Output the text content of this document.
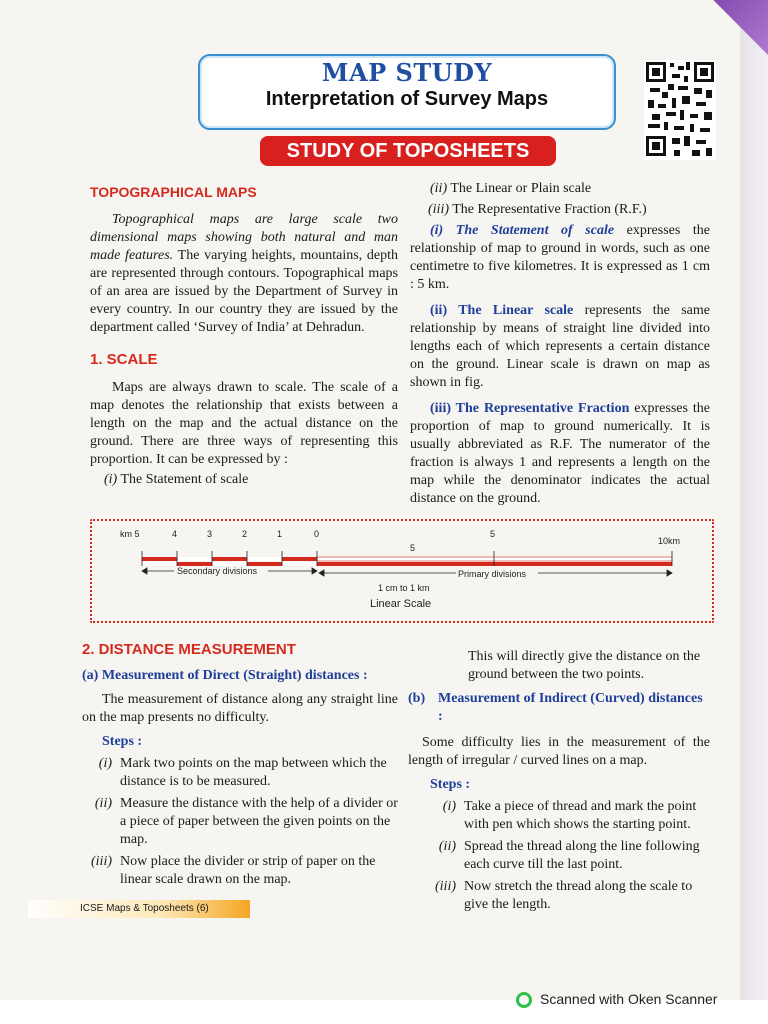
MAP STUDY
Interpretation of Survey Maps
STUDY OF TOPOSHEETS
TOPOGRAPHICAL MAPS

Topographical maps are large scale two dimensional maps showing both natural and man made features. The varying heights, mountains, depth are represented through contours. Topographical maps of an area are issued by the Department of Survey in every country. In our country they are issued by the department called ‘Survey of India’ at Dehradun.

1. SCALE

Maps are always drawn to scale. The scale of a map denotes the relationship that exists between a length on the map and the actual distance on the ground. There are three ways of representing this proportion. It can be expressed by :

(i) The Statement of scale

(ii) The Linear or Plain scale

(iii) The Representative Fraction (R.F.)

(i) The Statement of scale expresses the relationship of map to ground in words, such as one centimetre to five kilometres. It is expressed as 1 cm : 5 km.

(ii) The Linear scale represents the same relationship by means of straight line divided into lengths each of which represents a certain distance on the ground. Linear scale is drawn on map as shown in fig.

(iii) The Representative Fraction expresses the proportion of map to ground numerically. It is usually abbreviated as R.F. The numerator of the fraction is always 1 and represents a length on the map while the denominator indicates the actual distance on the ground.

km 5	4	3	2	1	0
5
5
10km
Secondary divisions	Primary divisions
1 cm to 1 km
Linear Scale
2. DISTANCE MEASUREMENT
(a) Measurement of Direct (Straight) distances :

The measurement of distance along any straight line on the map presents no difficulty.

Steps :
(i) Mark two points on the map between which the distance is to be measured.
(ii) Measure the distance with the help of a divider or a piece of paper between the given points on the map.
(iii) Now place the divider or strip of paper on the linear scale drawn on the map.

This will directly give the distance on the ground between the two points.

(b) Measurement of Indirect (Curved) distances :

Some difficulty lies in the measurement of the length of irregular / curved lines on a map.

Steps :
(i) Take a piece of thread and mark the point with pen which shows the starting point.
(ii) Spread the thread along the line following each curve till the last point.
(iii) Now stretch the thread along the scale to give the length.
ICSE Maps & Toposheets (6)
Scanned with Oken Scanner
